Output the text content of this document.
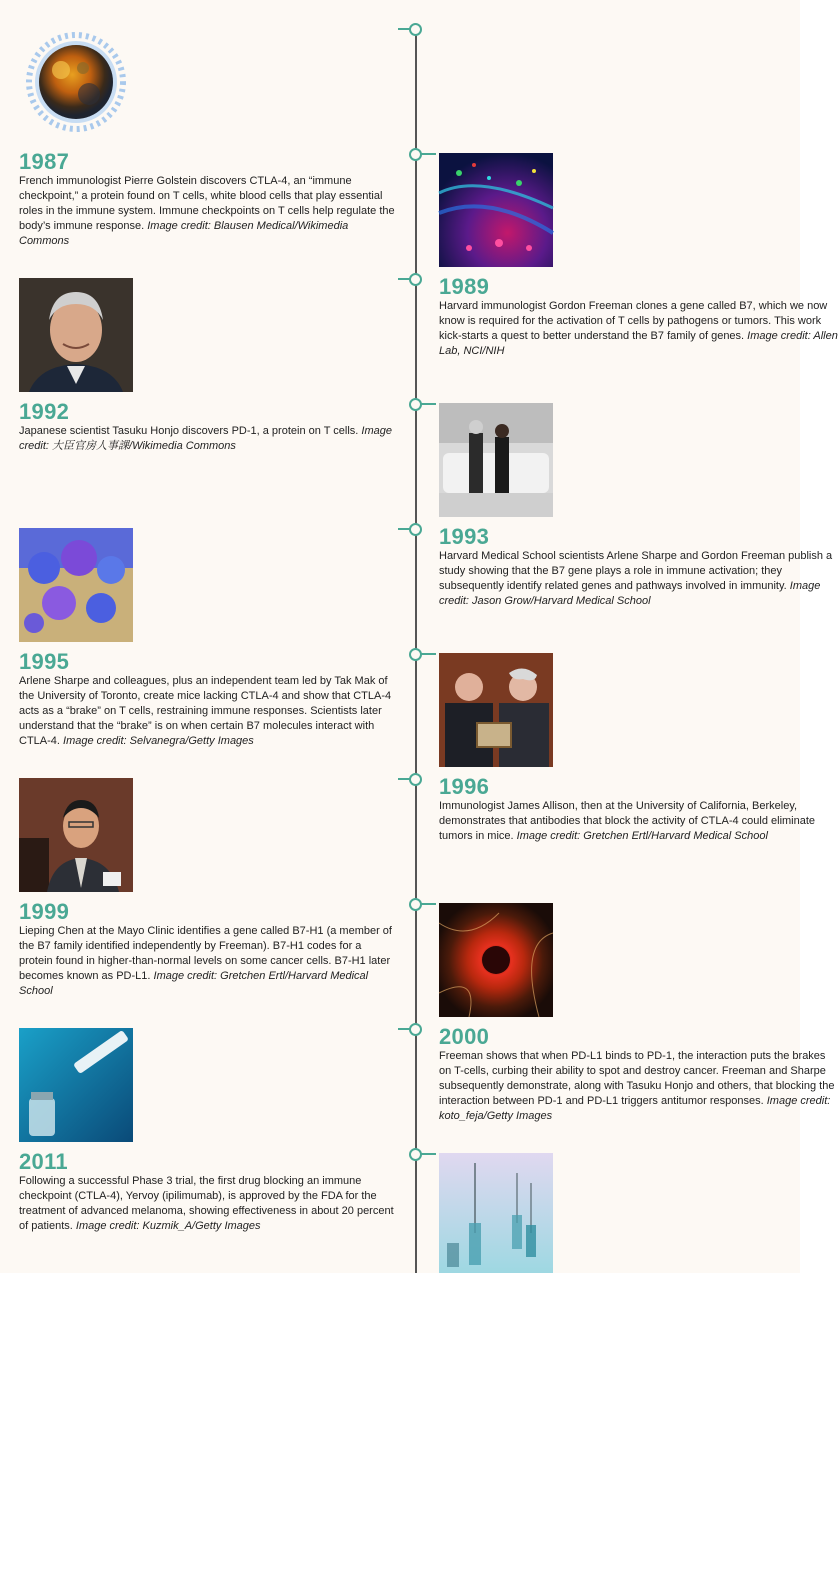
1987
French immunologist Pierre Golstein discovers CTLA-4, an “immune checkpoint,” a protein found on T cells, white blood cells that play essential roles in the immune system. Immune checkpoints on T cells help regulate the body’s immune response. Image credit: Blausen Medical/Wikimedia Commons
1989
Harvard immunologist Gordon Freeman clones a gene called B7, which we now know is required for the activation of T cells by pathogens or tumors. This work kick-starts a quest to better understand the B7 family of genes. Image credit: Allen Lab, NCI/NIH
1992
Japanese scientist Tasuku Honjo discovers PD-1, a protein on T cells. Image credit: 大臣官房人事課/Wikimedia Commons
1993
Harvard Medical School scientists Arlene Sharpe and Gordon Freeman publish a study showing that the B7 gene plays a role in immune activation; they subsequently identify related genes and pathways involved in immunity. Image credit: Jason Grow/Harvard Medical School
1995
Arlene Sharpe and colleagues, plus an independent team led by Tak Mak of the University of Toronto, create mice lacking CTLA-4 and show that CTLA-4 acts as a “brake” on T cells, restraining immune responses. Scientists later understand that the “brake” is on when certain B7 molecules interact with CTLA-4. Image credit: Selvanegra/Getty Images
1996
Immunologist James Allison, then at the University of California, Berkeley, demonstrates that antibodies that block the activity of CTLA-4 could eliminate tumors in mice. Image credit: Gretchen Ertl/Harvard Medical School
1999
Lieping Chen at the Mayo Clinic identifies a gene called B7-H1 (a member of the B7 family identified independently by Freeman). B7-H1 codes for a protein found in higher-than-normal levels on some cancer cells. B7-H1 later becomes known as PD-L1. Image credit: Gretchen Ertl/Harvard Medical School
2000
Freeman shows that when PD-L1 binds to PD-1, the interaction puts the brakes on T-cells, curbing their ability to spot and destroy cancer. Freeman and Sharpe subsequently demonstrate, along with Tasuku Honjo and others, that blocking the interaction between PD-1 and PD-L1 triggers antitumor responses. Image credit: koto_feja/Getty Images
2011
Following a successful Phase 3 trial, the first drug blocking an immune checkpoint (CTLA-4), Yervoy (ipilimumab), is approved by the FDA for the treatment of advanced melanoma, showing effectiveness in about 20 percent of patients. Image credit: Kuzmik_A/Getty Images
